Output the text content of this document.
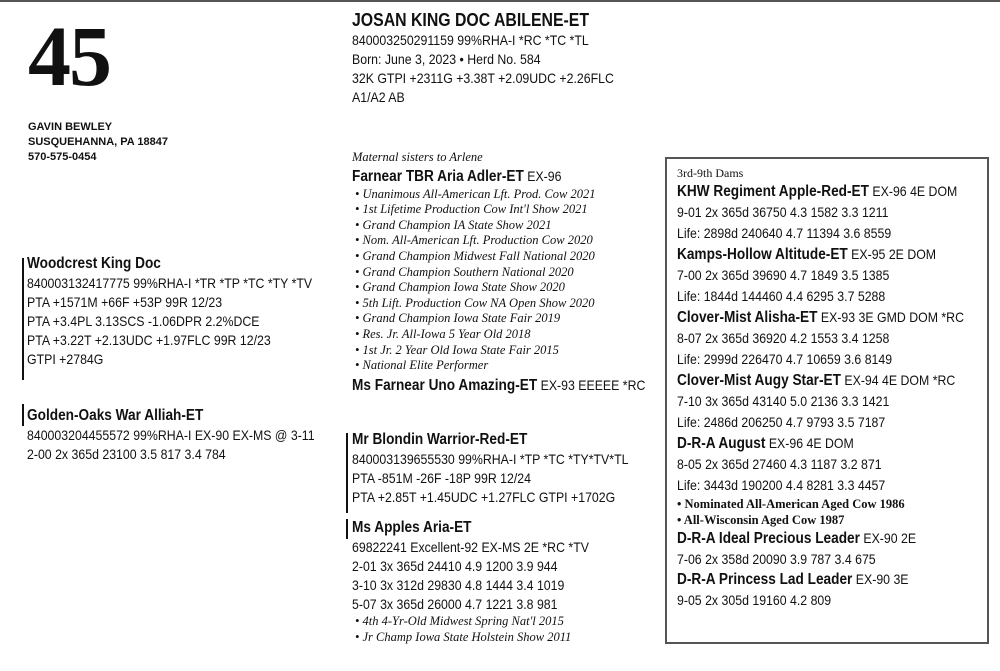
45
GAVIN BEWLEY
SUSQUEHANNA, PA 18847
570-575-0454
JOSAN KING DOC ABILENE-ET
840003250291159 99%RHA-I *RC *TC *TL
Born: June 3, 2023 • Herd No. 584
32K GTPI +2311G +3.38T +2.09UDC +2.26FLC
A1/A2 AB
Woodcrest King Doc
840003132417775 99%RHA-I *TR *TP *TC *TY *TV
PTA +1571M +66F +53P 99R 12/23
PTA +3.4PL 3.13SCS -1.06DPR 2.2%DCE
PTA +3.22T +2.13UDC +1.97FLC 99R 12/23
GTPI +2784G
Golden-Oaks War Alliah-ET
840003204455572 99%RHA-I EX-90 EX-MS @ 3-11
2-00 2x 365d 23100 3.5 817 3.4 784
Maternal sisters to Arlene
Farnear TBR Aria Adler-ET EX-96
• Unanimous All-American Lft. Prod. Cow 2021
• 1st Lifetime Production Cow Int'l Show 2021
• Grand Champion IA State Show 2021
• Nom. All-American Lft. Production Cow 2020
• Grand Champion Midwest Fall National 2020
• Grand Champion Southern National 2020
• Grand Champion Iowa State Show 2020
• 5th Lift. Production Cow NA Open Show 2020
• Grand Champion Iowa State Fair 2019
• Res. Jr. All-Iowa 5 Year Old 2018
• 1st Jr. 2 Year Old Iowa State Fair 2015
• National Elite Performer
Ms Farnear Uno Amazing-ET EX-93 EEEEE *RC
Mr Blondin Warrior-Red-ET
840003139655530 99%RHA-I *TP *TC *TY*TV*TL
PTA -851M -26F -18P 99R 12/24
PTA +2.85T +1.45UDC +1.27FLC GTPI +1702G
Ms Apples Aria-ET
69822241 Excellent-92 EX-MS 2E *RC *TV
2-01 3x 365d 24410 4.9 1200 3.9 944
3-10 3x 312d 29830 4.8 1444 3.4 1019
5-07 3x 365d 26000 4.7 1221 3.8 981
• 4th 4-Yr-Old Midwest Spring Nat'l 2015
• Jr Champ Iowa State Holstein Show 2011
3rd-9th Dams
KHW Regiment Apple-Red-ET EX-96 4E DOM
9-01 2x 365d 36750 4.3 1582 3.3 1211
Life: 2898d 240640 4.7 11394 3.6 8559
Kamps-Hollow Altitude-ET EX-95 2E DOM
7-00 2x 365d 39690 4.7 1849 3.5 1385
Life: 1844d 144460 4.4 6295 3.7 5288
Clover-Mist Alisha-ET EX-93 3E GMD DOM *RC
8-07 2x 365d 36920 4.2 1553 3.4 1258
Life: 2999d 226470 4.7 10659 3.6 8149
Clover-Mist Augy Star-ET EX-94 4E DOM *RC
7-10 3x 365d 43140 5.0 2136 3.3 1421
Life: 2486d 206250 4.7 9793 3.5 7187
D-R-A August EX-96 4E DOM
8-05 2x 365d 27460 4.3 1187 3.2 871
Life: 3443d 190200 4.4 8281 3.3 4457
• Nominated All-American Aged Cow 1986
• All-Wisconsin Aged Cow 1987
D-R-A Ideal Precious Leader EX-90 2E
7-06 2x 358d 20090 3.9 787 3.4 675
D-R-A Princess Lad Leader EX-90 3E
9-05 2x 305d 19160 4.2 809
